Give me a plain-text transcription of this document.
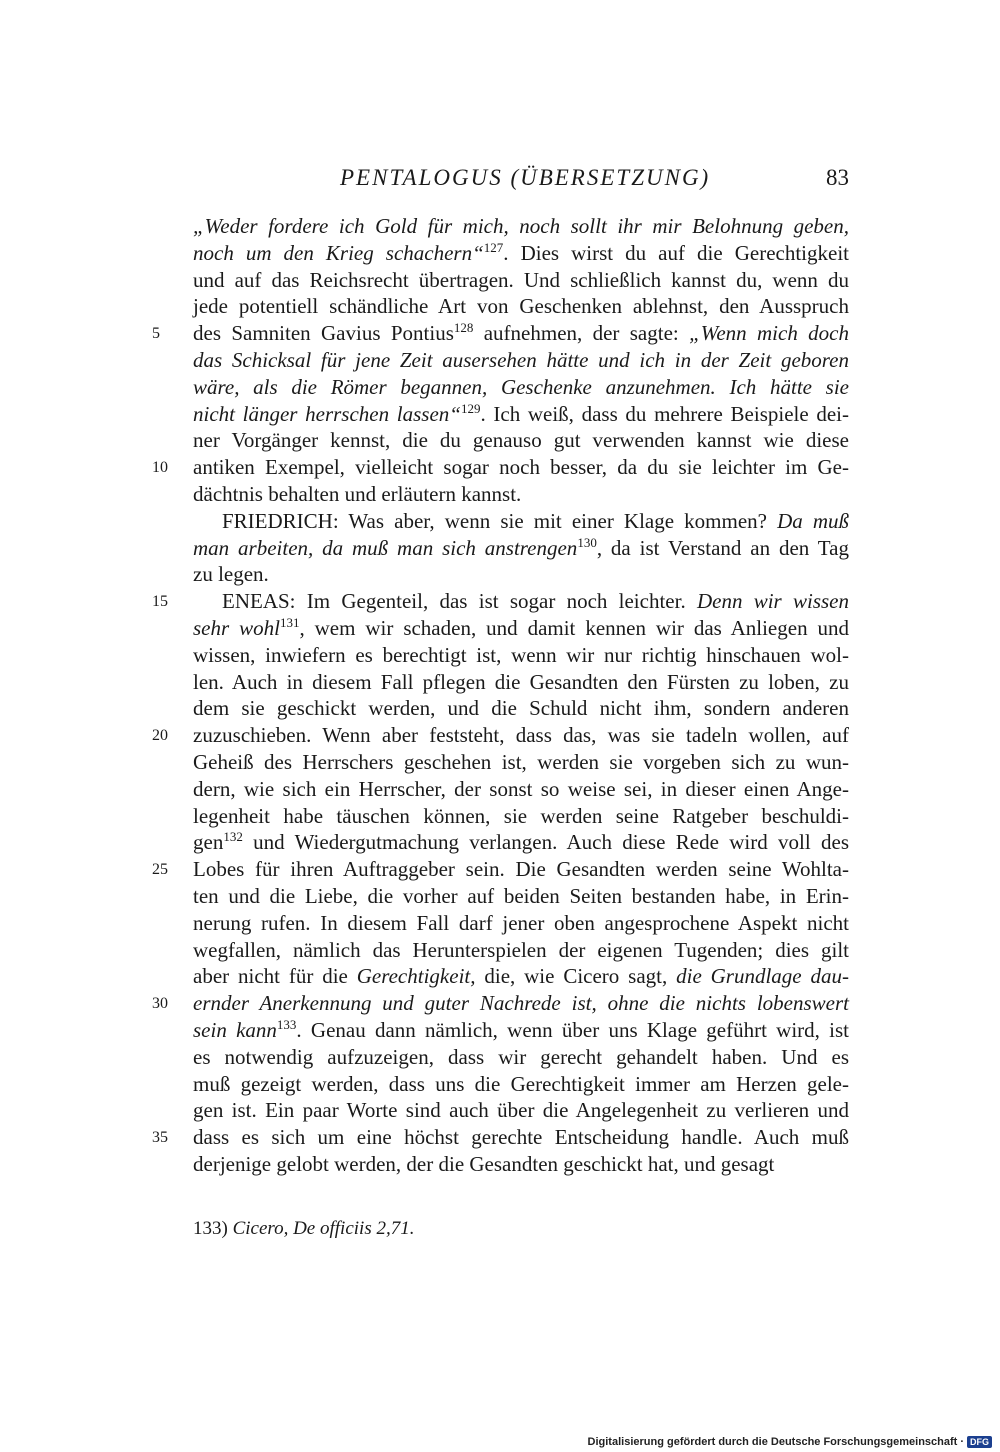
PENTALOGUS (ÜBERSETZUNG)	83
„Weder fordere ich Gold für mich, noch sollt ihr mir Belohnung geben,
noch um den Krieg schachern“$^{127}$. Dies wirst du auf die Gerechtigkeit
und auf das Reichsrecht übertragen. Und schließlich kannst du, wenn du
jede potentiell schändliche Art von Geschenken ablehnst, den Ausspruch
des Samniten Gavius Pontius$^{128}$ aufnehmen, der sagte: „Wenn mich doch
das Schicksal für jene Zeit ausersehen hätte und ich in der Zeit geboren
wäre, als die Römer begannen, Geschenke anzunehmen. Ich hätte sie
nicht länger herrschen lassen“$^{129}$. Ich weiß, dass du mehrere Beispiele dei-
ner Vorgänger kennst, die du genauso gut verwenden kannst wie diese
antiken Exempel, vielleicht sogar noch besser, da du sie leichter im Ge-
dächtnis behalten und erläutern kannst.
FRIEDRICH: Was aber, wenn sie mit einer Klage kommen? Da muß
man arbeiten, da muß man sich anstrengen$^{130}$, da ist Verstand an den Tag
zu legen.
ENEAS: Im Gegenteil, das ist sogar noch leichter. Denn wir wissen
sehr wohl$^{131}$, wem wir schaden, und damit kennen wir das Anliegen und
wissen, inwiefern es berechtigt ist, wenn wir nur richtig hinschauen wol-
len. Auch in diesem Fall pflegen die Gesandten den Fürsten zu loben, zu
dem sie geschickt werden, und die Schuld nicht ihm, sondern anderen
zuzuschieben. Wenn aber feststeht, dass das, was sie tadeln wollen, auf
Geheiß des Herrschers geschehen ist, werden sie vorgeben sich zu wun-
dern, wie sich ein Herrscher, der sonst so weise sei, in dieser einen Ange-
legenheit habe täuschen können, sie werden seine Ratgeber beschuldi-
gen$^{132}$ und Wiedergutmachung verlangen. Auch diese Rede wird voll des
Lobes für ihren Auftraggeber sein. Die Gesandten werden seine Wohlta-
ten und die Liebe, die vorher auf beiden Seiten bestanden habe, in Erin-
nerung rufen. In diesem Fall darf jener oben angesprochene Aspekt nicht
wegfallen, nämlich das Herunterspielen der eigenen Tugenden; dies gilt
aber nicht für die Gerechtigkeit, die, wie Cicero sagt, die Grundlage dau-
ernder Anerkennung und guter Nachrede ist, ohne die nichts lobenswert
sein kann$^{133}$. Genau dann nämlich, wenn über uns Klage geführt wird, ist
es notwendig aufzuzeigen, dass wir gerecht gehandelt haben. Und es
muß gezeigt werden, dass uns die Gerechtigkeit immer am Herzen gele-
gen ist. Ein paar Worte sind auch über die Angelegenheit zu verlieren und
dass es sich um eine höchst gerechte Entscheidung handle. Auch muß
derjenige gelobt werden, der die Gesandten geschickt hat, und gesagt
5
10
15
20
25
30
35
133) Cicero, De officiis 2,71.
Digitalisierung gefördert durch die Deutsche Forschungsgemeinschaft · DFG
